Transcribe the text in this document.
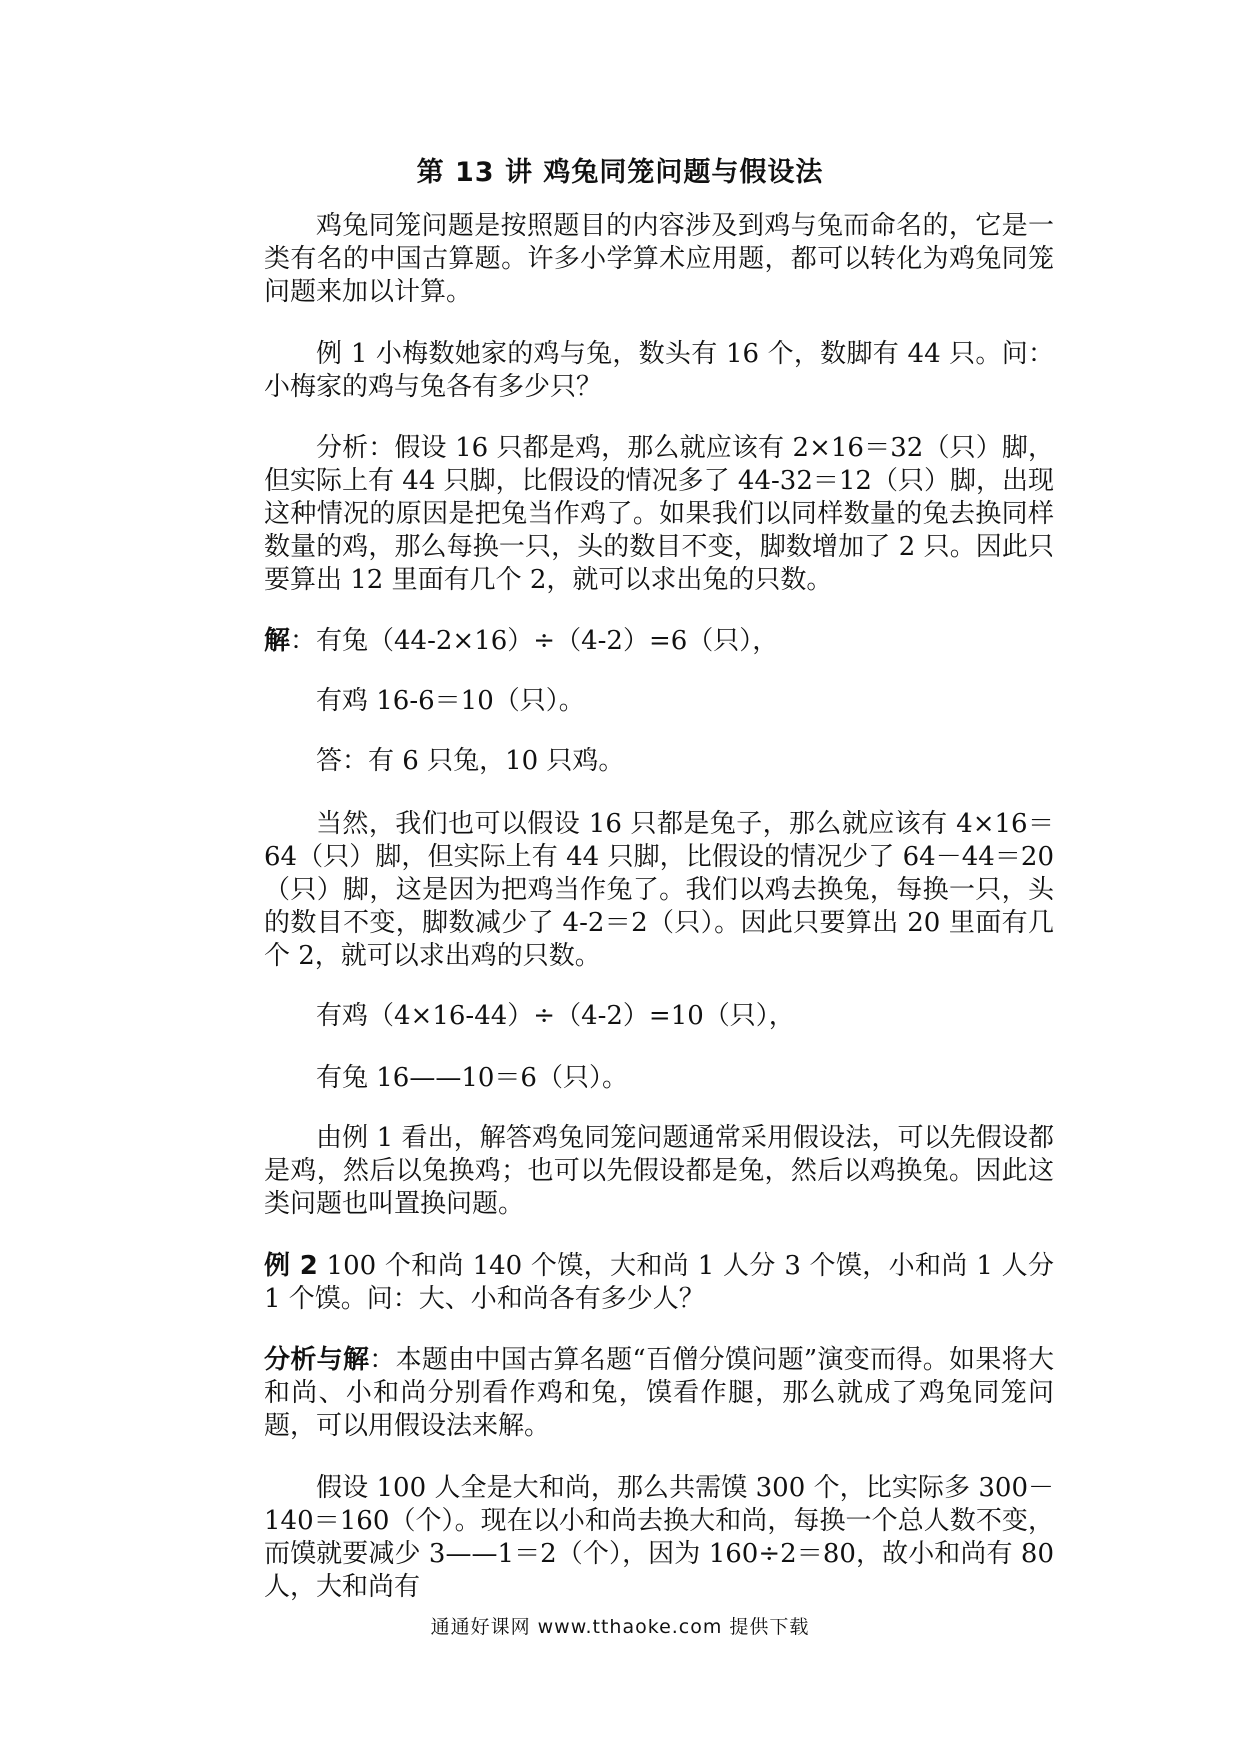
第 13 讲 鸡兔同笼问题与假设法

鸡兔同笼问题是按照题目的内容涉及到鸡与兔而命名的，它是一类有名的中国古算题。许多小学算术应用题，都可以转化为鸡兔同笼问题来加以计算。

例 1 小梅数她家的鸡与兔，数头有 16 个，数脚有 44 只。问：小梅家的鸡与兔各有多少只？

分析：假设 16 只都是鸡，那么就应该有 2×16＝32（只）脚，但实际上有 44 只脚，比假设的情况多了 44-32＝12（只）脚，出现这种情况的原因是把兔当作鸡了。如果我们以同样数量的兔去换同样数量的鸡，那么每换一只，头的数目不变，脚数增加了 2 只。因此只要算出 12 里面有几个 2，就可以求出兔的只数。

解：有兔（44-2×16）÷（4-2）=6（只），

有鸡 16-6＝10（只）。

答：有 6 只兔，10 只鸡。

当然，我们也可以假设 16 只都是兔子，那么就应该有 4×16＝64（只）脚，但实际上有 44 只脚，比假设的情况少了 64－44＝20（只）脚，这是因为把鸡当作兔了。我们以鸡去换兔，每换一只，头的数目不变，脚数减少了 4-2＝2（只）。因此只要算出 20 里面有几个 2，就可以求出鸡的只数。

有鸡（4×16-44）÷（4-2）=10（只），

有兔 16——10＝6（只）。

由例 1 看出，解答鸡兔同笼问题通常采用假设法，可以先假设都是鸡，然后以兔换鸡；也可以先假设都是兔，然后以鸡换兔。因此这类问题也叫置换问题。

例 2 100 个和尚 140 个馍，大和尚 1 人分 3 个馍，小和尚 1 人分 1 个馍。问：大、小和尚各有多少人？

分析与解：本题由中国古算名题“百僧分馍问题”演变而得。如果将大和尚、小和尚分别看作鸡和兔，馍看作腿，那么就成了鸡兔同笼问题，可以用假设法来解。

假设 100 人全是大和尚，那么共需馍 300 个，比实际多 300－140＝160（个）。现在以小和尚去换大和尚，每换一个总人数不变，而馍就要减少 3——1＝2（个），因为 160÷2＝80，故小和尚有 80 人，大和尚有

通通好课网 www.tthaoke.com 提供下载
